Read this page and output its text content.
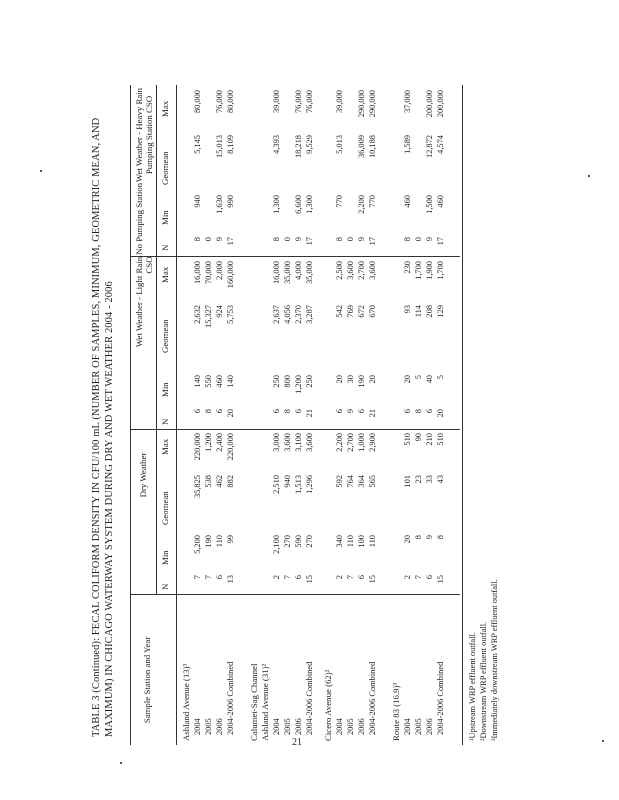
TABLE 3 (Continued): FECAL COLIFORM DENSITY IN CFU/100 mL (NUMBER OF SAMPLES, MINIMUM, GEOMETRIC MEAN, AND MAXIMUM) IN CHICAGO WATERWAY SYSTEM DURING DRY AND WET WEATHER 2004 - 2006	Sample Station and Year
Dry Weather
Wet Weather - Light Rain No Pumping Station CSO
Wet Weather - Heavy Rain Pumping Station CSO
N
Min
Geomean
Max
N
Min
Geomean
Max
N
Min
Geomean
Max
Ashland Avenue (13)³ 2004
7
5,200
35,825
220,000
6
140
2,632
16,000
8
940
5,145
80,000
2005
7
190
538
1,200
8
550
15,327
70,000
0
2006
6
110
462
2,400
6
460
924
2,000
9
1,630
15,013
76,000
2004-2006 Combined
13
99
882
220,000
20
140
5,753
160,000
17
990
8,109
80,000
Calumet-Sag Channel Ashland Avenue (31)² 2004
2
2,100
2,510
3,000
6
250
2,637
16,000
8
1,300
4,393
39,000
2005
7
270
940
3,600
8
800
4,056
35,000
0
2006
6
590
1,513
3,100
6
1,200
2,370
4,000
9
6,600
18,218
76,000
2004-2006 Combined
15
270
1,296
3,600
21
250
3,287
35,000
17
1,300
9,529
76,000
Cicero Avenue (62)² 2004
2
340
592
2,200
6
20
542
2,500
8
770
5,013
39,000
2005
7
110
764
2,700
9
30
769
3,600
0
2006
6
100
364
1,000
6
190
672
2,700
9
2,200
36,009
290,000
2004-2006 Combined
15
110
565
2,900
21
20
670
3,600
17
770
10,188
290,000
Route 83 (16.9)³ 2004
2
20
101
510
6
20
93
230
8
460
1,589
37,000
2005
7
8
23
90
8
5
114
1,700
0
2006
6
9
33
210
6
40
208
1,900
9
1,500
12,872
200,000
2004-2006 Combined
15
8
43
510
20
5
129
1,700
17
460
4,574
200,000
¹Upstream WRP effluent outfall. ²Downstream WRP effluent outfall. ³Immediately downstream WRP effluent outfall.
21
